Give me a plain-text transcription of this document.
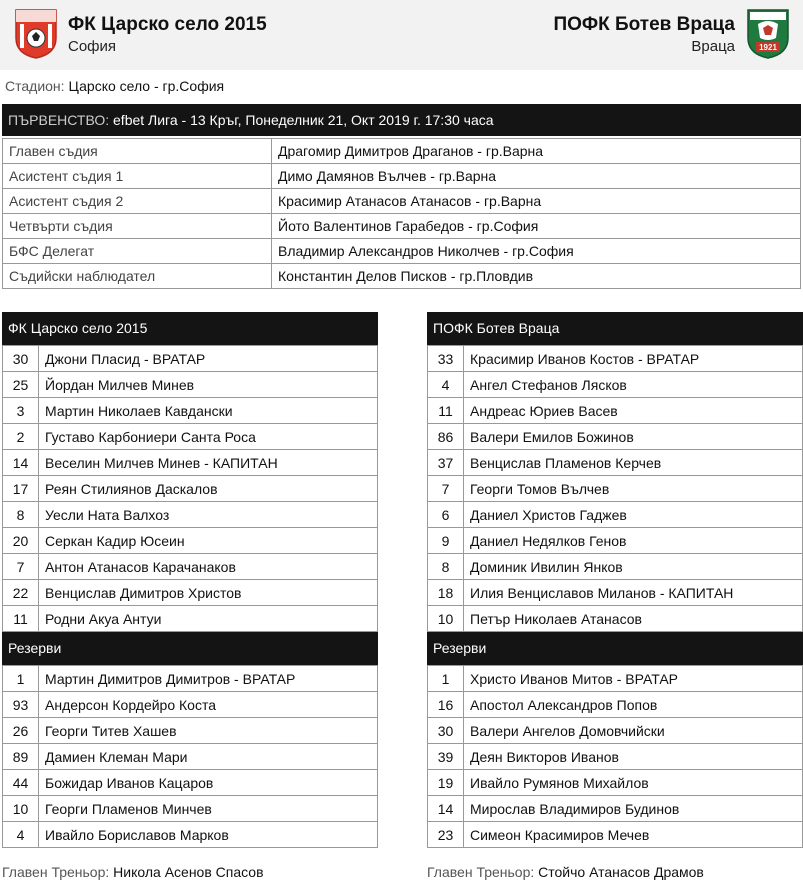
ФК Царско село 2015
София
ПОФК Ботев Враца
Враца	1921
Стадион: Царско село - гр.София
ПЪРВЕНСТВО: efbet Лига - 13 Кръг, Понеделник 21, Окт 2019 г. 17:30 часа
Главен съдия	Драгомир Димитров Драганов - гр.Варна
Асистент съдия 1	Димо Дамянов Вълчев - гр.Варна
Асистент съдия 2	Красимир Атанасов Атанасов - гр.Варна
Четвърти съдия	Йото Валентинов Гарабедов - гр.София
БФС Делегат	Владимир Александров Николчев - гр.София
Съдийски наблюдател	Константин Делов Писков - гр.Пловдив
ФК Царско село 2015
30	Джони Пласид - ВРАТАР
25	Йордан Милчев Минев
3	Мартин Николаев Кавдански
2	Густаво Карбониери Санта Роса
14	Веселин Милчев Минев - КАПИТАН
17	Реян Стилиянов Даскалов
8	Уесли Ната Валхоз
20	Серкан Кадир Юсеин
7	Антон Атанасов Карачанаков
22	Венцислав Димитров Христов
11	Родни Акуа Антуи
Резерви
1	Мартин Димитров Димитров - ВРАТАР
93	Андерсон Кордейро Коста
26	Георги Титев Хашев
89	Дамиен Клеман Мари
44	Божидар Иванов Кацаров
10	Георги Пламенов Минчев
4	Ивайло Бориславов Марков
ПОФК Ботев Враца
33	Красимир Иванов Костов - ВРАТАР
4	Ангел Стефанов Лясков
11	Андреас Юриев Васев
86	Валери Емилов Божинов
37	Венцислав Пламенов Керчев
7	Георги Томов Вълчев
6	Даниел Христов Гаджев
9	Даниел Недялков Генов
8	Доминик Ивилин Янков
18	Илия Венциславов Миланов - КАПИТАН
10	Петър Николаев Атанасов
Резерви
1	Христо Иванов Митов - ВРАТАР
16	Апостол Александров Попов
30	Валери Ангелов Домовчийски
39	Деян Викторов Иванов
19	Ивайло Румянов Михайлов
14	Мирослав Владимиров Будинов
23	Симеон Красимиров Мечев
Главен Треньор: Никола Асенов Спасов	Главен Треньор: Стойчо Атанасов Драмов
